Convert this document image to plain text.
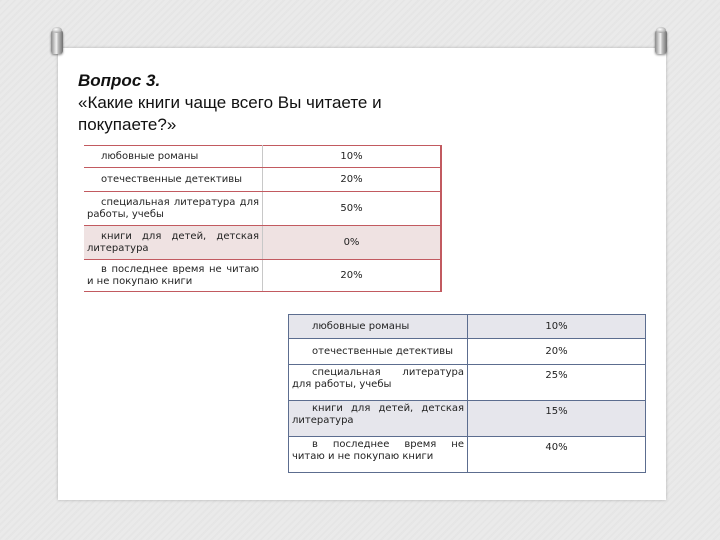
Вопрос 3.
«Какие книги чаще всего Вы читаете и покупаете?»
любовные романы	10%
отечественные детективы	20%
специальная литература для работы, учебы	50%
книги для детей, детская литература	0%
в последнее время не читаю и не покупаю книги	20%
любовные романы	10%
отечественные детективы	20%
специальная литература для работы, учебы	25%
книги для детей, детская литература	15%
в последнее время не читаю и не покупаю книги	40%
